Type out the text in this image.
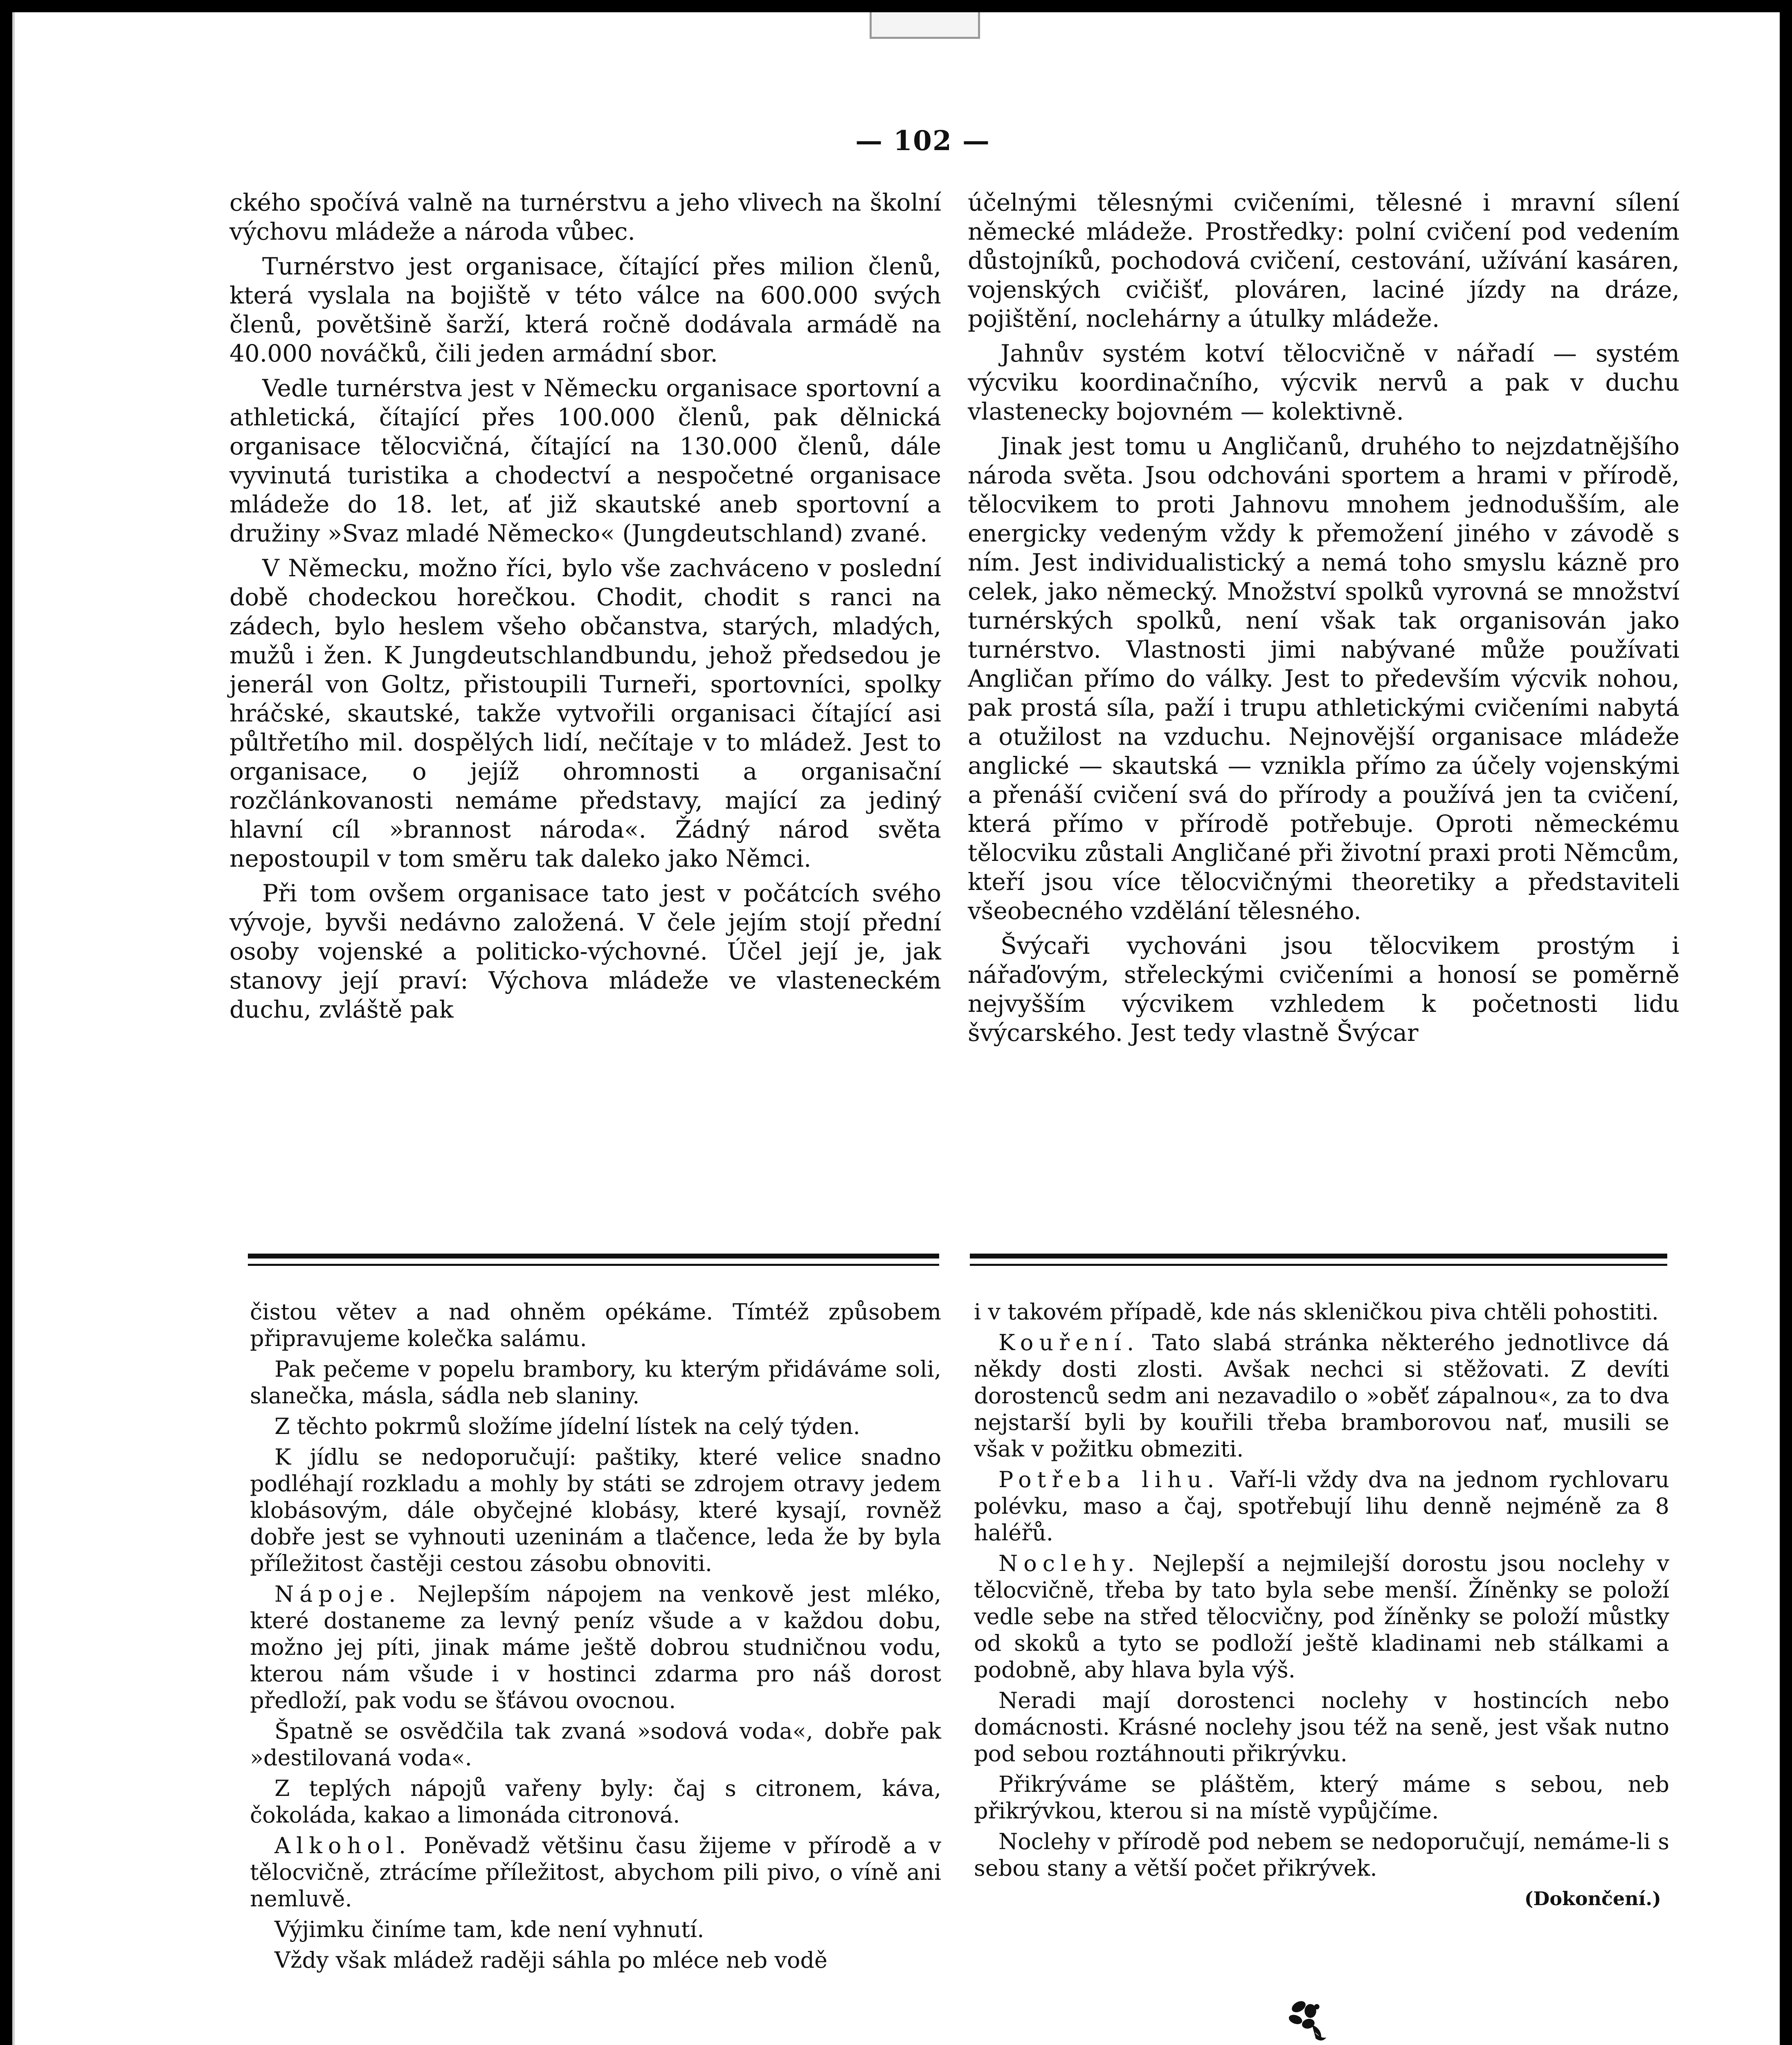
— 102 —

ckého spočívá valně na turnérstvu a jeho vlivech na školní výchovu mládeže a národa vůbec.

Turnérstvo jest organisace, čítající přes milion členů, která vyslala na bojiště v této válce na 600.000 svých členů, povětšině šarží, která ročně dodávala armádě na 40.000 nováčků, čili jeden armádní sbor.

Vedle turnérstva jest v Německu organisace sportovní a athletická, čítající přes 100.000 členů, pak dělnická organisace tělocvičná, čítající na 130.000 členů, dále vyvinutá turistika a chodectví a nespočetné organisace mládeže do 18. let, ať již skautské aneb sportovní a družiny »Svaz mladé Německo« (Jungdeutschland) zvané.

V Německu, možno říci, bylo vše zachváceno v poslední době chodeckou horečkou. Chodit, chodit s ranci na zádech, bylo heslem všeho občanstva, starých, mladých, mužů i žen. K Jungdeutschlandbundu, jehož předsedou je jenerál von Goltz, přistoupili Turneři, sportovníci, spolky hráčské, skautské, takže vytvořili organisaci čítající asi půltřetího mil. dospělých lidí, nečítaje v to mládež. Jest to organisace, o jejíž ohromnosti a organisační rozčlánkovanosti nemáme představy, mající za jediný hlavní cíl »brannost národa«. Žádný národ světa nepostoupil v tom směru tak daleko jako Němci.

Při tom ovšem organisace tato jest v počátcích svého vývoje, byvši nedávno založená. V čele jejím stojí přední osoby vojenské a politicko-výchovné. Účel její je, jak stanovy její praví: Výchova mládeže ve vlasteneckém duchu, zvláště pak

účelnými tělesnými cvičeními, tělesné i mravní sílení německé mládeže. Prostředky: polní cvičení pod vedením důstojníků, pochodová cvičení, cestování, užívání kasáren, vojenských cvičišť, plováren, laciné jízdy na dráze, pojištění, noclehárny a útulky mládeže.

Jahnův systém kotví tělocvičně v nářadí — systém výcviku koordinačního, výcvik nervů a pak v duchu vlastenecky bojovném — kolektivně.

Jinak jest tomu u Angličanů, druhého to nejzdatnějšího národa světa. Jsou odchováni sportem a hrami v přírodě, tělocvikem to proti Jahnovu mnohem jednodušším, ale energicky vedeným vždy k přemožení jiného v závodě s ním. Jest individualistický a nemá toho smyslu kázně pro celek, jako německý. Množství spolků vyrovná se množství turnérských spolků, není však tak organisován jako turnérstvo. Vlastnosti jimi nabývané může používati Angličan přímo do války. Jest to především výcvik nohou, pak prostá síla, paží i trupu athletickými cvičeními nabytá a otužilost na vzduchu. Nejnovější organisace mládeže anglické — skautská — vznikla přímo za účely vojenskými a přenáší cvičení svá do přírody a používá jen ta cvičení, která přímo v přírodě potřebuje. Oproti německému tělocviku zůstali Angličané při životní praxi proti Němcům, kteří jsou více tělocvičnými theoretiky a představiteli všeobecného vzdělání tělesného.

Švýcaři vychováni jsou tělocvikem prostým i nářaďovým, střeleckými cvičeními a honosí se poměrně nejvyšším výcvikem vzhledem k početnosti lidu švýcarského. Jest tedy vlastně Švýcar

čistou větev a nad ohněm opékáme. Tímtéž způsobem připravujeme kolečka salámu.

Pak pečeme v popelu brambory, ku kterým přidáváme soli, slanečka, másla, sádla neb slaniny.

Z těchto pokrmů složíme jídelní lístek na celý týden.

K jídlu se nedoporučují: paštiky, které velice snadno podléhají rozkladu a mohly by státi se zdrojem otravy jedem klobásovým, dále obyčejné klobásy, které kysají, rovněž dobře jest se vyhnouti uzeninám a tlačence, leda že by byla příležitost častěji cestou zásobu obnoviti.

Nápoje. Nejlepším nápojem na venkově jest mléko, které dostaneme za levný peníz všude a v každou dobu, možno jej píti, jinak máme ještě dobrou studničnou vodu, kterou nám všude i v hostinci zdarma pro náš dorost předloží, pak vodu se šťávou ovocnou.

Špatně se osvědčila tak zvaná »sodová voda«, dobře pak »destilovaná voda«.

Z teplých nápojů vařeny byly: čaj s citronem, káva, čokoláda, kakao a limonáda citronová.

Alkohol. Poněvadž většinu času žijeme v přírodě a v tělocvičně, ztrácíme příležitost, abychom pili pivo, o víně ani nemluvě.

Výjimku činíme tam, kde není vyhnutí.

Vždy však mládež raději sáhla po mléce neb vodě

i v takovém případě, kde nás skleničkou piva chtěli pohostiti.

Kouření. Tato slabá stránka některého jednotlivce dá někdy dosti zlosti. Avšak nechci si stěžovati. Z devíti dorostenců sedm ani nezavadilo o »oběť zápalnou«, za to dva nejstarší byli by kouřili třeba bramborovou nať, musili se však v požitku obmeziti.

Potřeba lihu. Vaří-li vždy dva na jednom rychlovaru polévku, maso a čaj, spotřebují lihu denně nejméně za 8 haléřů.

Noclehy. Nejlepší a nejmilejší dorostu jsou noclehy v tělocvičně, třeba by tato byla sebe menší. Žíněnky se položí vedle sebe na střed tělocvičny, pod žíněnky se položí můstky od skoků a tyto se podloží ještě kladinami neb stálkami a podobně, aby hlava byla výš.

Neradi mají dorostenci noclehy v hostincích nebo domácnosti. Krásné noclehy jsou též na seně, jest však nutno pod sebou roztáhnouti přikrývku.

Přikrýváme se pláštěm, který máme s sebou, neb přikrývkou, kterou si na místě vypůjčíme.

Noclehy v přírodě pod nebem se nedoporučují, nemáme-li s sebou stany a větší počet přikrývek.

(Dokončení.)
